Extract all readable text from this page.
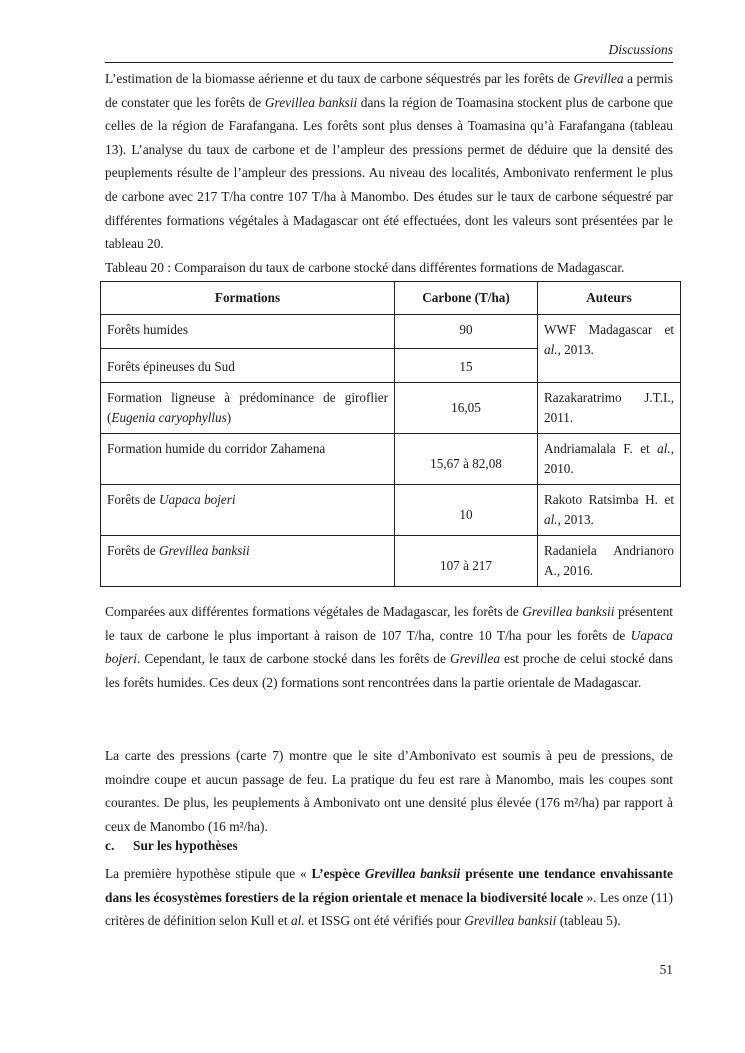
Discussions
L’estimation de la biomasse aérienne et du taux de carbone séquestrés par les forêts de Grevillea a permis de constater que les forêts de Grevillea banksii dans la région de Toamasina stockent plus de carbone que celles de la région de Farafangana. Les forêts sont plus denses à Toamasina qu’à Farafangana (tableau 13). L’analyse du taux de carbone et de l’ampleur des pressions permet de déduire que la densité des peuplements résulte de l’ampleur des pressions. Au niveau des localités, Ambonivato renferment le plus de carbone avec 217 T/ha contre 107 T/ha à Manombo. Des études sur le taux de carbone séquestré par différentes formations végétales à Madagascar ont été effectuées, dont les valeurs sont présentées par le tableau 20.
Tableau 20 : Comparaison du taux de carbone stocké dans différentes formations de Madagascar.
Formations	Carbone (T/ha)	Auteurs
Forêts humides	90	WWF Madagascar et al., 2013.
Forêts épineuses du Sud	15	
Formation ligneuse à prédominance de giroflier (Eugenia caryophyllus)	16,05	Razakaratrimo J.T.I., 2011.
Formation humide du corridor Zahamena	15,67 à 82,08	Andriamalala F. et al., 2010.
Forêts de Uapaca bojeri	10	Rakoto Ratsimba H. et al., 2013.
Forêts de Grevillea banksii	107 à 217	Radaniela Andrianoro A., 2016.
Comparées aux différentes formations végétales de Madagascar, les forêts de Grevillea banksii présentent le taux de carbone le plus important à raison de 107 T/ha, contre 10 T/ha pour les forêts de Uapaca bojeri. Cependant, le taux de carbone stocké dans les forêts de Grevillea est proche de celui stocké dans les forêts humides. Ces deux (2) formations sont rencontrées dans la partie orientale de Madagascar.
La carte des pressions (carte 7) montre que le site d’Ambonivato est soumis à peu de pressions, de moindre coupe et aucun passage de feu. La pratique du feu est rare à Manombo, mais les coupes sont courantes. De plus, les peuplements à Ambonivato ont une densité plus élevée (176 m²/ha) par rapport à ceux de Manombo (16 m²/ha).
c. Sur les hypothèses
La première hypothèse stipule que « L’espèce Grevillea banksii présente une tendance envahissante dans les écosystèmes forestiers de la région orientale et menace la biodiversité locale ». Les onze (11) critères de définition selon Kull et al. et ISSG ont été vérifiés pour Grevillea banksii (tableau 5).
51
